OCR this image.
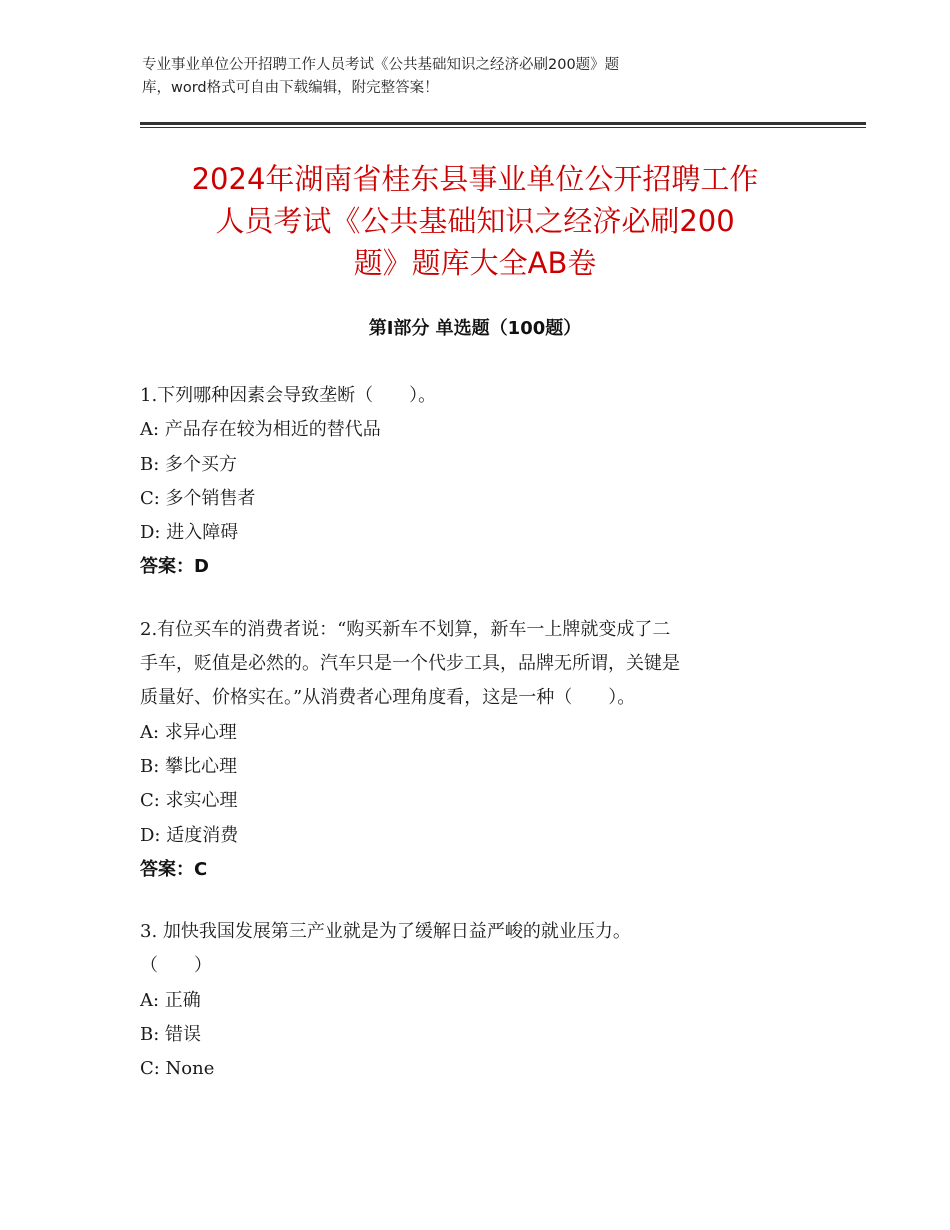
专业事业单位公开招聘工作人员考试《公共基础知识之经济必刷200题》题
库，word格式可自由下载编辑，附完整答案！
2024年湖南省桂东县事业单位公开招聘工作
人员考试《公共基础知识之经济必刷200
题》题库大全AB卷
第Ⅰ部分 单选题（100题）
1.下列哪种因素会导致垄断（　　）。
A: 产品存在较为相近的替代品
B: 多个买方
C: 多个销售者
D: 进入障碍
答案：D
2.有位买车的消费者说：“购买新车不划算，新车一上牌就变成了二
手车，贬值是必然的。汽车只是一个代步工具，品牌无所谓，关键是
质量好、价格实在。”从消费者心理角度看，这是一种（　　）。
A: 求异心理
B: 攀比心理
C: 求实心理
D: 适度消费
答案：C
3. 加快我国发展第三产业就是为了缓解日益严峻的就业压力。
（　　）
A: 正确
B: 错误
C: None
